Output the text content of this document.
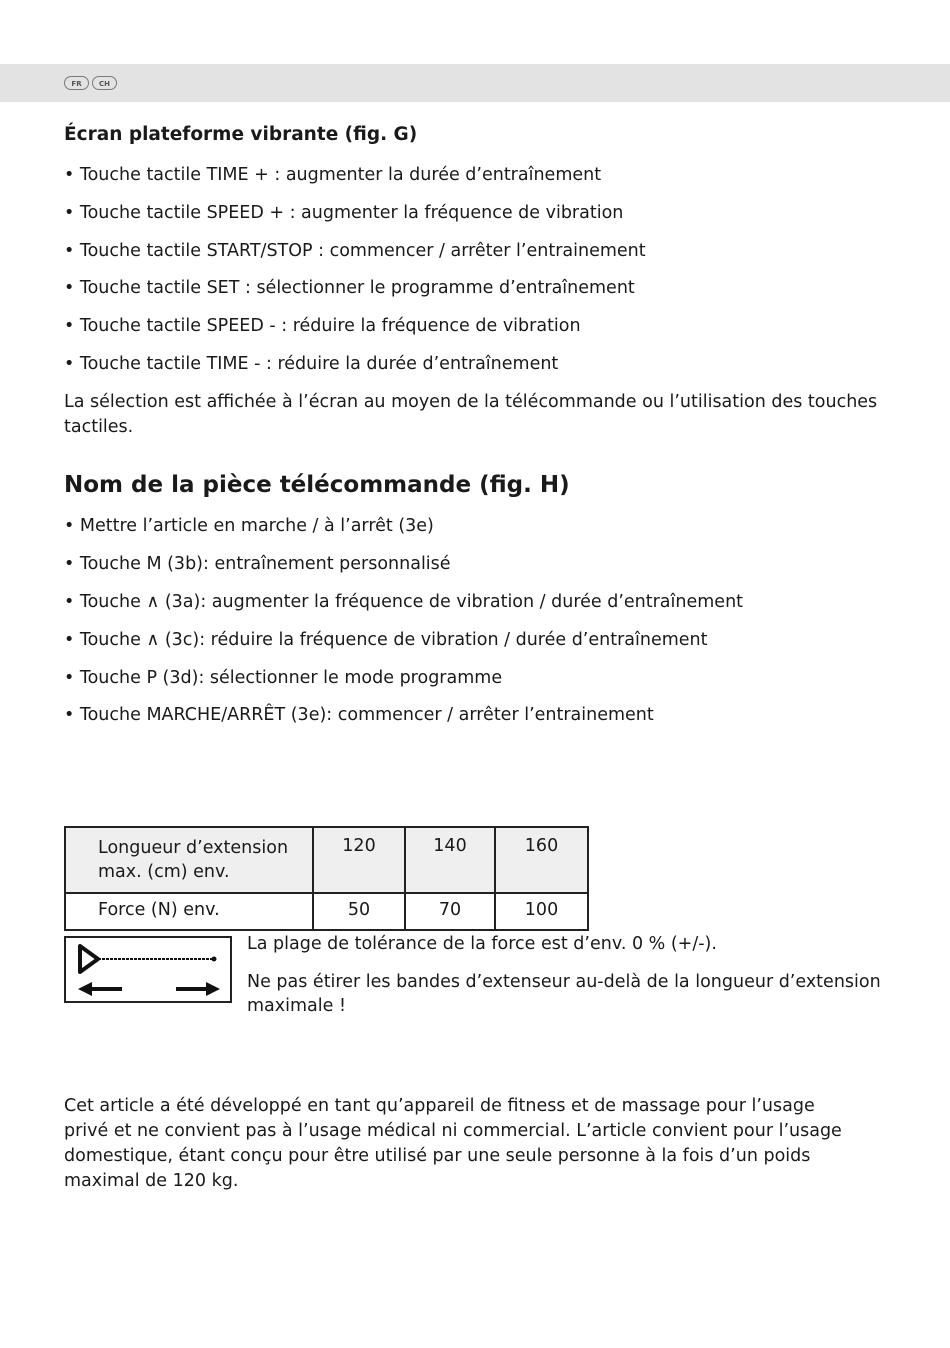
FR	CH
Écran plateforme vibrante (fig. G)
• Touche tactile TIME + : augmenter la durée d’entraînement
• Touche tactile SPEED + : augmenter la fréquence de vibration
• Touche tactile START/STOP : commencer / arrêter l’entrainement
• Touche tactile SET : sélectionner le programme d’entraînement
• Touche tactile SPEED - : réduire la fréquence de vibration
• Touche tactile TIME - : réduire la durée d’entraînement
La sélection est affichée à l’écran au moyen de la télécommande ou l’utilisation des touches tactiles.
Nom de la pièce télécommande (fig. H)
• Mettre l’article en marche / à l’arrêt (3e)
• Touche M (3b): entraînement personnalisé
• Touche ∧ (3a): augmenter la fréquence de vibration / durée d’entraînement
• Touche ∧ (3c): réduire la fréquence de vibration / durée d’entraînement
• Touche P (3d): sélectionner le mode programme
• Touche MARCHE/ARRÊT (3e): commencer / arrêter l’entrainement
Cet article a été développé en tant qu’appareil de fitness et de massage pour l’usage privé et ne convient pas à l’usage médical ni commercial. L’article convient pour l’usage domestique, étant conçu pour être utilisé par une seule personne à la fois d’un poids maximal de 120 kg.
Longueur d’extension
max. (cm) env.	120	140	160
Force (N) env.	50	70	100
La plage de tolérance de la force est d’env. 0 % (+/-).
Ne pas étirer les bandes d’extenseur au-delà de la longueur d’extension maximale !
